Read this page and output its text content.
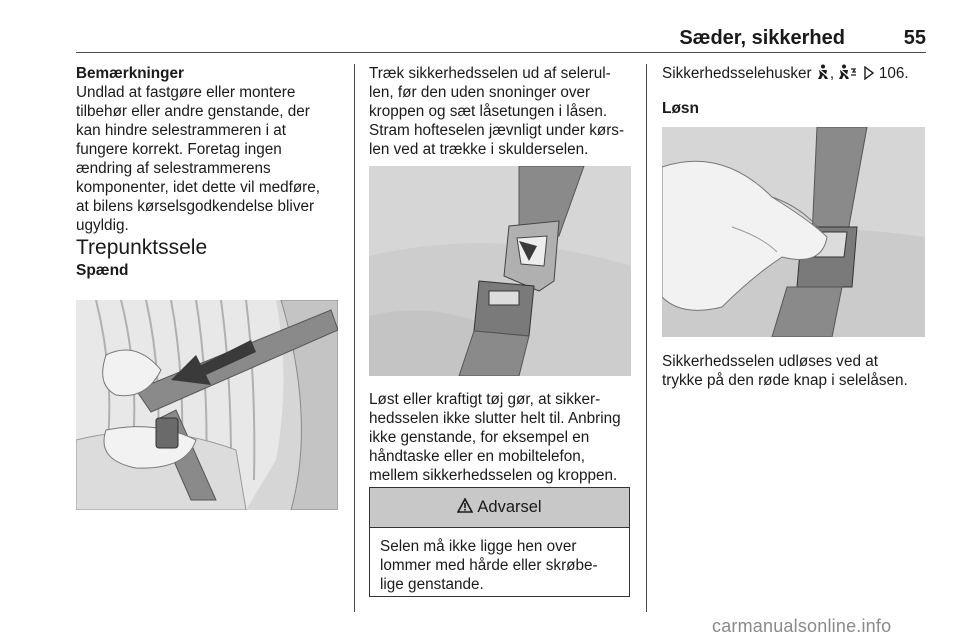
Sæder, sikkerhed	55

Bemærkninger

Undlad at fastgøre eller montere

tilbehør eller andre genstande, der

kan hindre selestrammeren i at

fungere korrekt. Foretag ingen

ændring af selestrammerens

komponenter, idet dette vil medføre,

at bilens kørselsgodkendelse bliver

ugyldig.

Trepunktssele

Spænd

Træk sikkerhedsselen ud af selerul-

len, før den uden snoninger over

kroppen og sæt låsetungen i låsen.

Stram hofteselen jævnligt under kørs-

len ved at trække i skulderselen.

Løst eller kraftigt tøj gør, at sikker-

hedsselen ikke slutter helt til. Anbring

ikke genstande, for eksempel en

håndtaske eller en mobiltelefon,

mellem sikkerhedsselen og kroppen.

Advarsel

Selen må ikke ligge hen over

lommer med hårde eller skrøbe-

lige genstande.

Sikkerhedsselehusker ,	106.

Løsn

Sikkerhedsselen udløses ved at

trykke på den røde knap i selelåsen.

carmanualsonline.info
